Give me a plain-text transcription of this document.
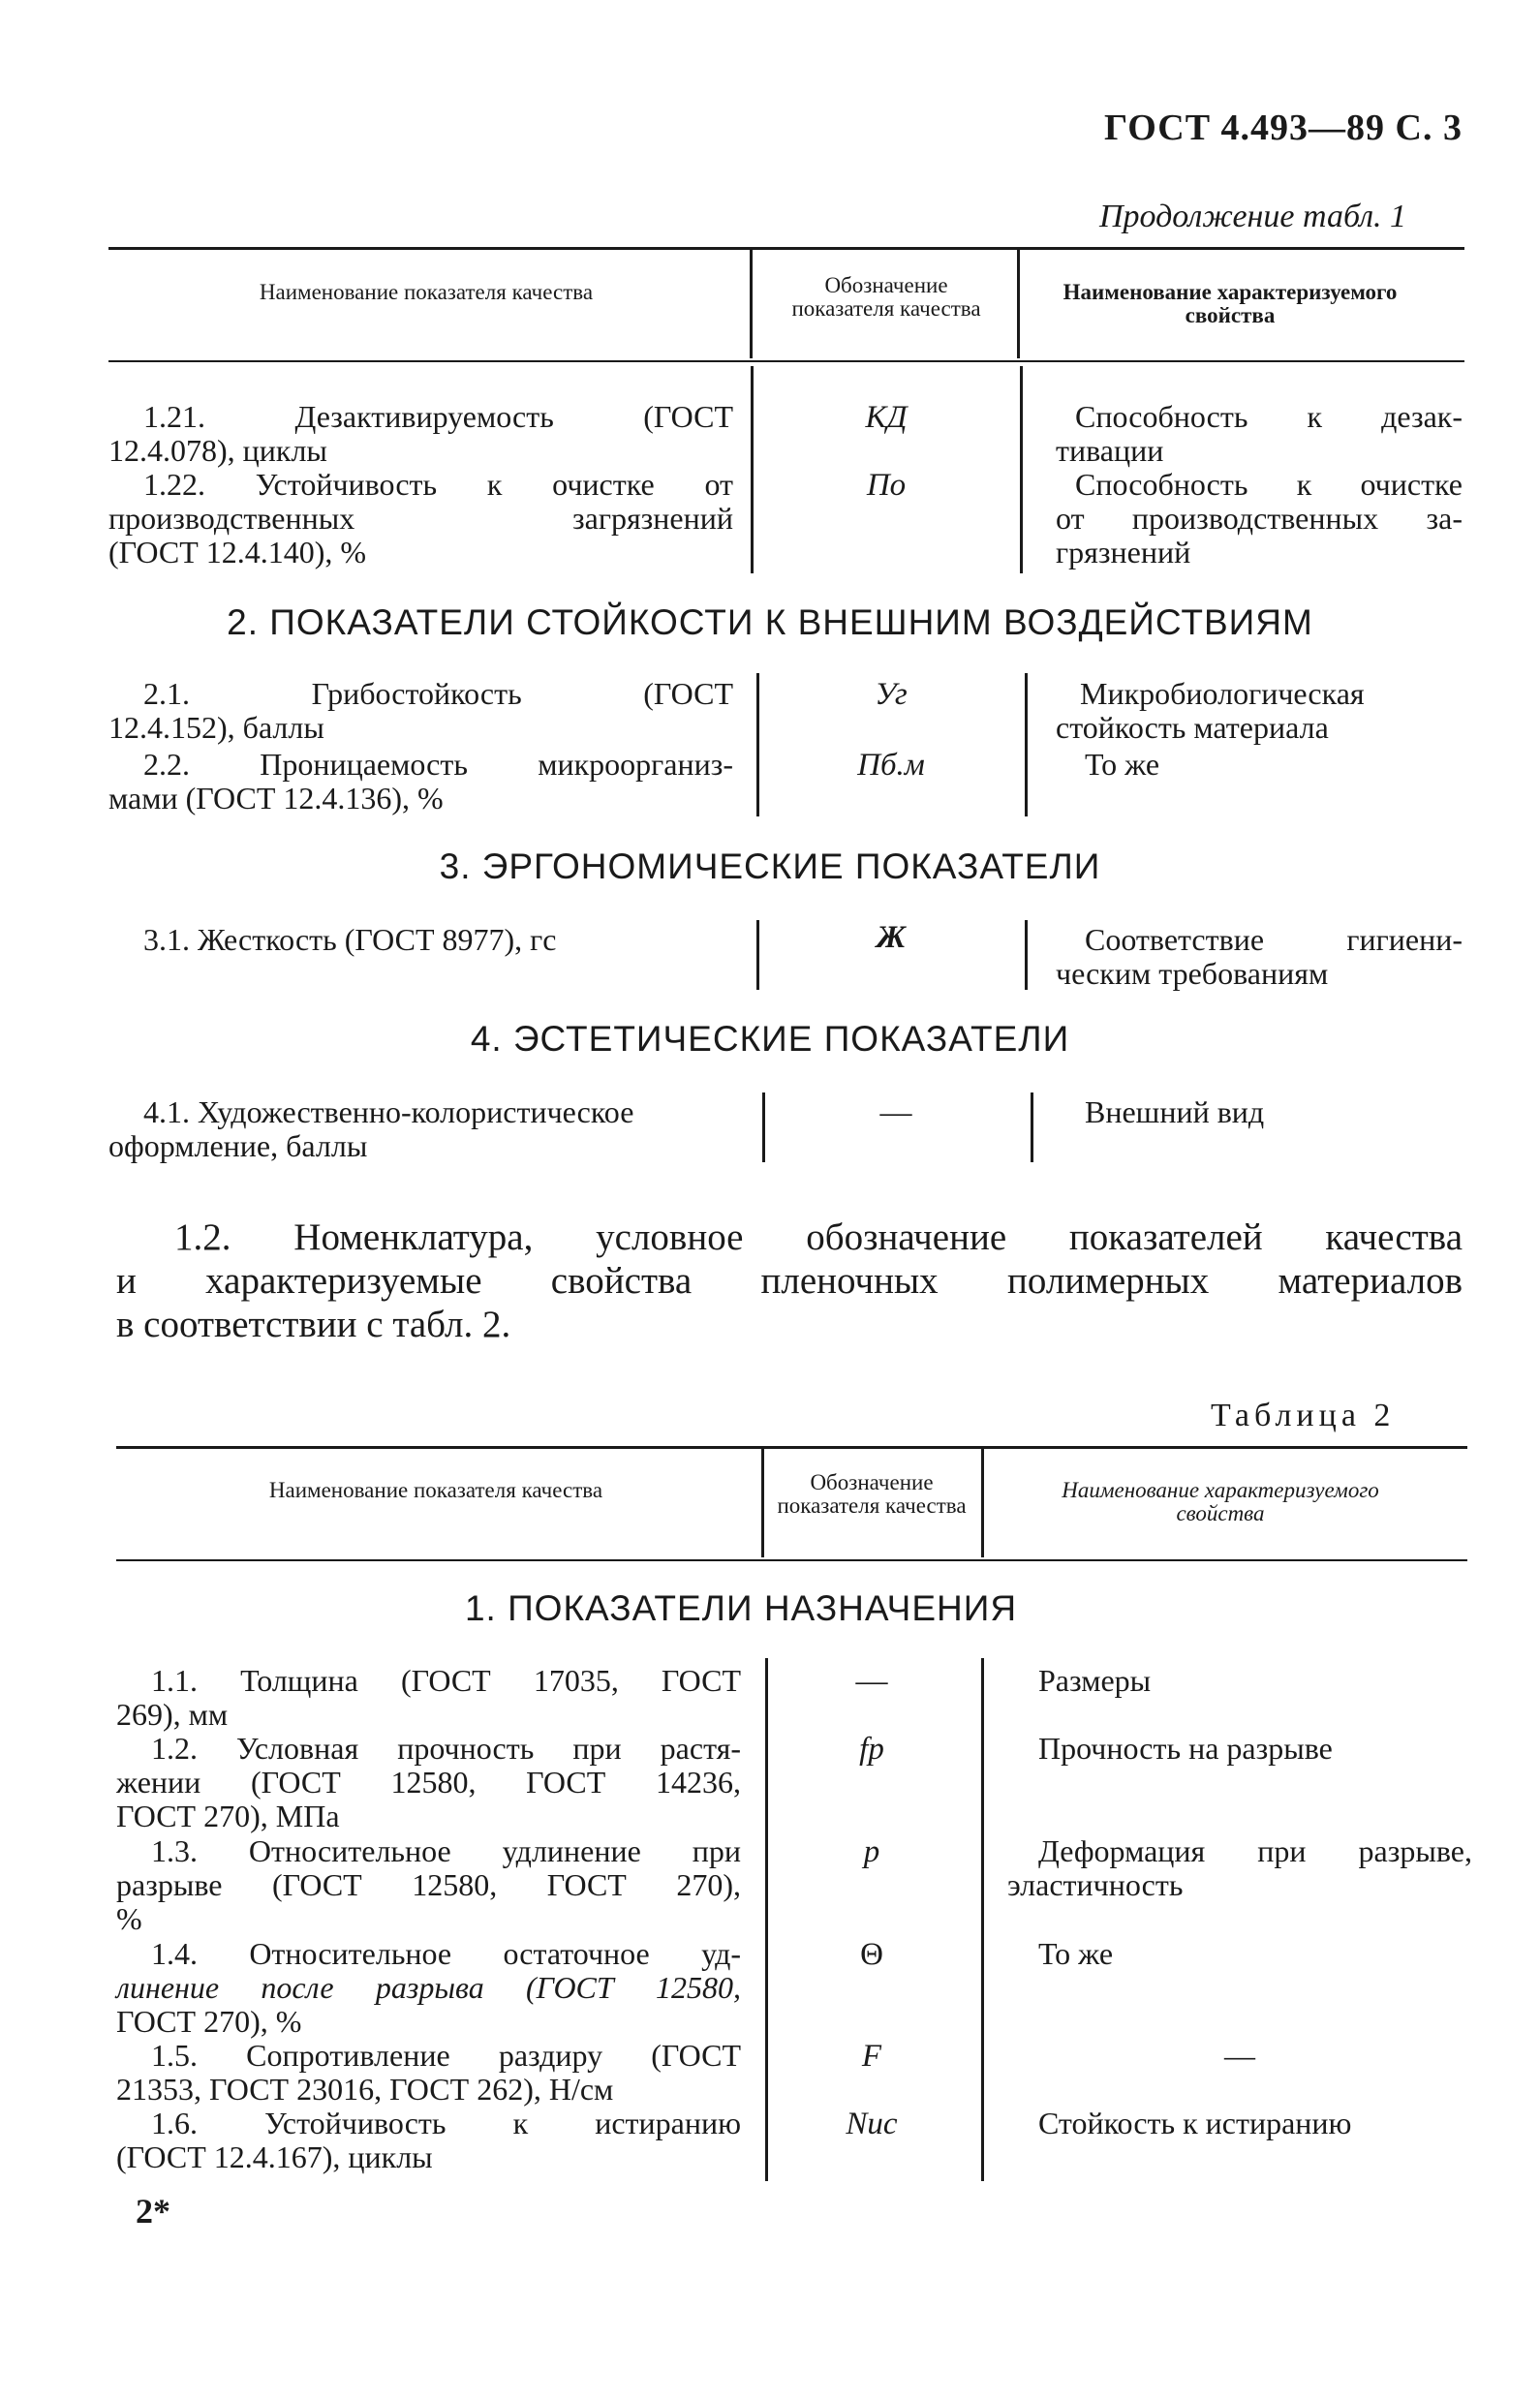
ГОСТ 4.493—89 С. 3
Продолжение табл. 1
Наименование показателя качества	Обозначение показателя качества
Наименование характеризуемого свойства
1.21. Дезактивируемость (ГОСТ
12.4.078), циклы
КД	Способность к дезак-
тивации
1.22. Устойчивость к очистке от
производственных загрязнений
(ГОСТ 12.4.140), %
По	Способность к очистке
от производственных за-
грязнений
2. ПОКАЗАТЕЛИ СТОЙКОСТИ К ВНЕШНИМ ВОЗДЕЙСТВИЯМ
2.1. Грибостойкость (ГОСТ
12.4.152), баллы
Уг	Микробиологическая
стойкость материала
2.2. Проницаемость микроорганиз-
мами (ГОСТ 12.4.136), %
Пб.м	То же
3. ЭРГОНОМИЧЕСКИЕ ПОКАЗАТЕЛИ
3.1. Жесткость (ГОСТ 8977), гс	Ж	Соответствие гигиени-
ческим требованиям
4. ЭСТЕТИЧЕСКИЕ ПОКАЗАТЕЛИ
4.1. Художественно-колористическое
оформление, баллы
—	Внешний вид
1.2. Номенклатура, условное обозначение показателей качества
и характеризуемые свойства пленочных полимерных материалов
в соответствии с табл. 2.
Таблица 2
Наименование показателя качества	Обозначение показателя качества
Наименование характеризуемого свойства
1. ПОКАЗАТЕЛИ НАЗНАЧЕНИЯ
1.1. Толщина (ГОСТ 17035, ГОСТ
269), мм
—	Размеры
1.2. Условная прочность при растя-
жении (ГОСТ 12580, ГОСТ 14236,
ГОСТ 270), МПа
fр	Прочность на разрыве
1.3. Относительное удлинение при
разрыве (ГОСТ 12580, ГОСТ 270),
%
р	Деформация при разрыве,
эластичность
1.4. Относительное остаточное уд-
линение после разрыва (ГОСТ 12580,
ГОСТ 270), %
Θ	То же
1.5. Сопротивление раздиру (ГОСТ
21353, ГОСТ 23016, ГОСТ 262), Н/см
F	—
1.6. Устойчивость к истиранию
(ГОСТ 12.4.167), циклы
Nис	Стойкость к истиранию
2*
